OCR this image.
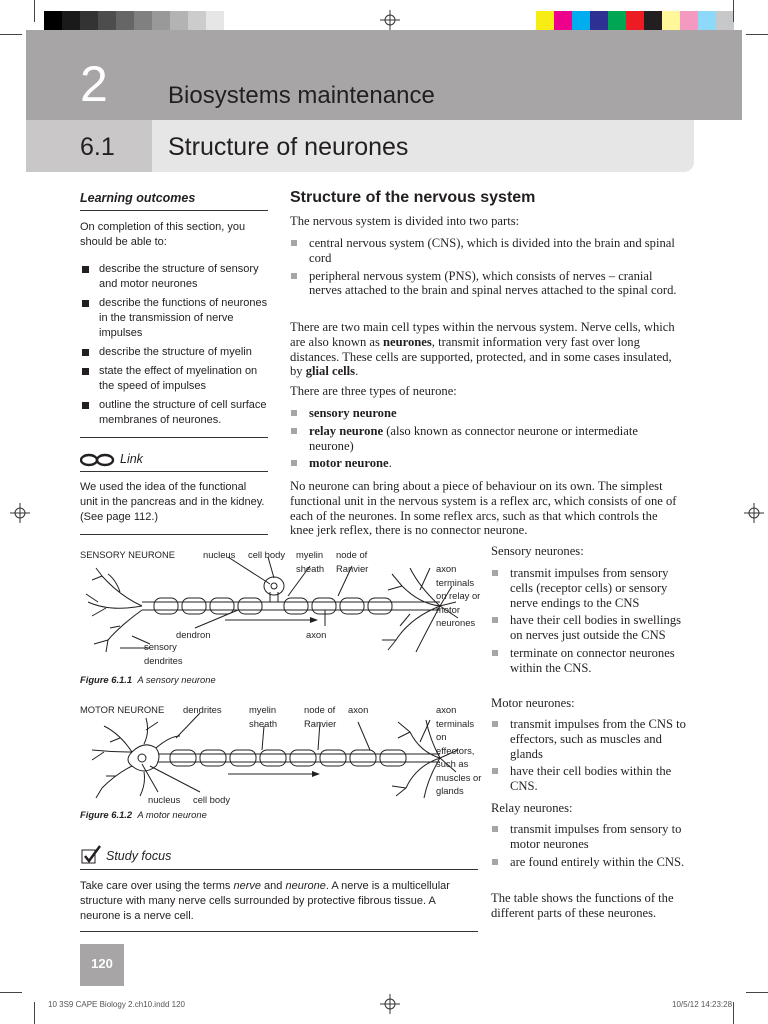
2	Biosystems maintenance
6.1 Structure of neurones
Learning outcomes
On completion of this section, you should be able to:
describe the structure of sensory and motor neurones
describe the functions of neurones in the transmission of nerve impulses
describe the structure of myelin
state the effect of myelination on the speed of impulses
outline the structure of cell surface membranes of neurones.
Link
We used the idea of the functional unit in the pancreas and in the kidney. (See page 112.)
Structure of the nervous system
The nervous system is divided into two parts:
central nervous system (CNS), which is divided into the brain and spinal cord
peripheral nervous system (PNS), which consists of nerves – cranial nerves attached to the brain and spinal nerves attached to the spinal cord.
There are two main cell types within the nervous system. Nerve cells, which are also known as neurones, transmit information very fast over long distances. These cells are supported, protected, and in some cases insulated, by glial cells.
There are three types of neurone:
sensory neurone
relay neurone (also known as connector neurone or intermediate neurone)
motor neurone.
No neurone can bring about a piece of behaviour on its own. The simplest functional unit in the nervous system is a reflex arc, which consists of one of each of the neurones. In some reflex arcs, such as that which controls the knee jerk reflex, there is no connector neurone.
SENSORY NEURONE	nucleus cell body myelin sheath
node of Ranvier	axon terminals on relay or motor neurones
dendron	axon
sensory dendrites
Figure 6.1.1 A sensory neurone
MOTOR NEURONE dendrites	myelin sheath
node of Ranvier
axon	axon terminals on effectors, such as muscles or glands
nucleus cell body
Figure 6.1.2 A motor neurone
Sensory neurones:
transmit impulses from sensory cells (receptor cells) or sensory nerve endings to the CNS
have their cell bodies in swellings on nerves just outside the CNS
terminate on connector neurones within the CNS.
Motor neurones:
transmit impulses from the CNS to effectors, such as muscles and glands
have their cell bodies within the CNS.
Relay neurones:
transmit impulses from sensory to motor neurones
are found entirely within the CNS.
The table shows the functions of the different parts of these neurones.
Study focus
Take care over using the terms nerve and neurone. A nerve is a multicellular structure with many nerve cells surrounded by protective fibrous tissue. A neurone is a nerve cell.
120
10 3S9 CAPE Biology 2.ch10.indd 120	10/5/12 14:23:28
